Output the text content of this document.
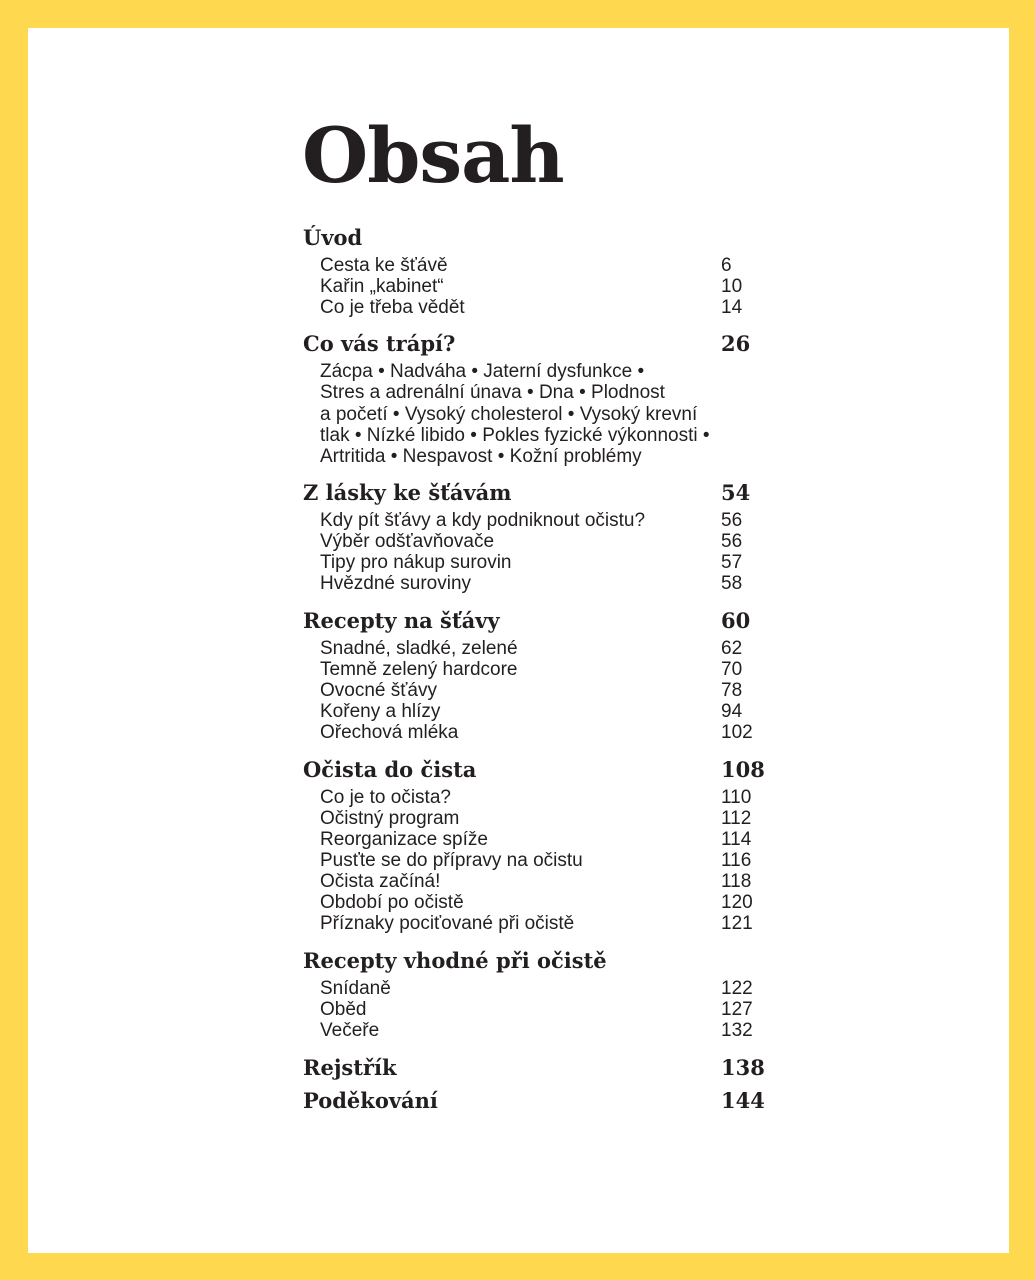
Obsah
Úvod
Cesta ke šťávě	6
Kařin „kabinet“	10
Co je třeba vědět	14
Co vás trápí?	26
Zácpa • Nadváha • Jaterní dysfunkce •
Stres a adrenální únava • Dna • Plodnost
a početí • Vysoký cholesterol • Vysoký krevní
tlak • Nízké libido • Pokles fyzické výkonnosti •
Artritida • Nespavost • Kožní problémy
Z lásky ke šťávám	54
Kdy pít šťávy a kdy podniknout očistu?	56
Výběr odšťavňovače	56
Tipy pro nákup surovin	57
Hvězdné suroviny	58
Recepty na šťávy	60
Snadné, sladké, zelené	62
Temně zelený hardcore	70
Ovocné šťávy	78
Kořeny a hlízy	94
Ořechová mléka	102
Očista do čista	108
Co je to očista?	110
Očistný program	112
Reorganizace spíže	114
Pusťte se do přípravy na očistu	116
Očista začíná!	118
Období po očistě	120
Příznaky pociťované při očistě	121
Recepty vhodné při očistě
Snídaně	122
Oběd	127
Večeře	132
Rejstřík	138
Poděkování	144
